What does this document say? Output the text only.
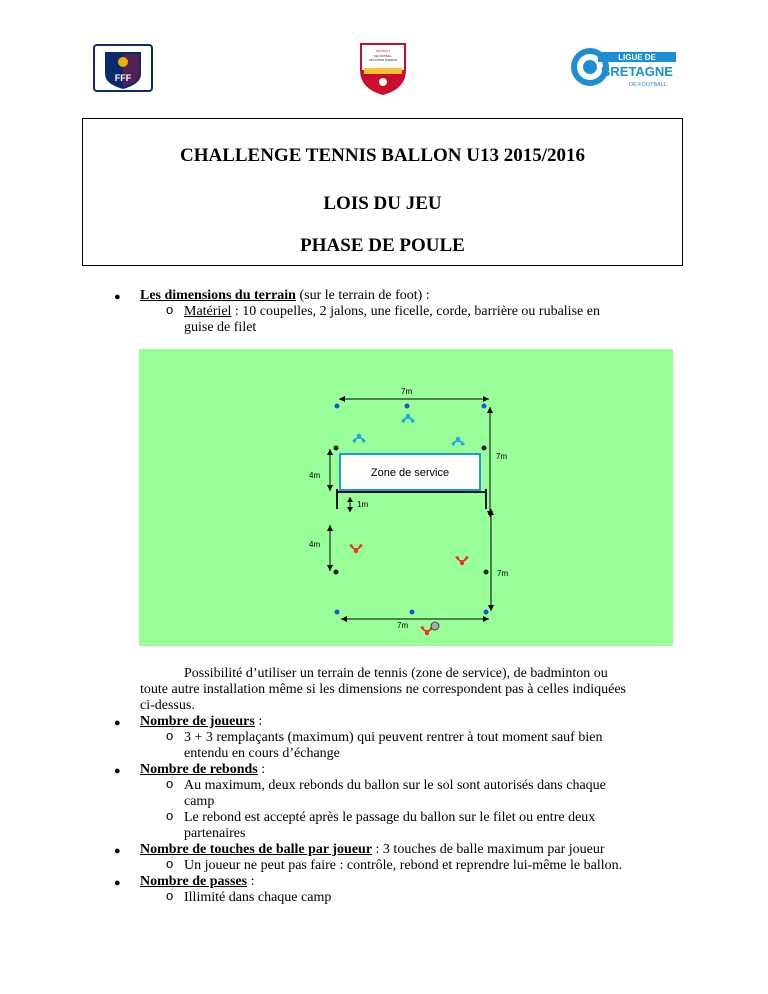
FFF
DISTRICT
DE FOOTBALL
DES CÔTES D'ARMOR	LIGUE DE
BRETAGNE
DE FOOTBALL
CHALLENGE TENNIS BALLON U13 2015/2016
LOIS DU JEU
PHASE DE POULE
● Les dimensions du terrain (sur le terrain de foot) :
o Matériel : 10 coupelles, 2 jalons, une ficelle, corde, barrière ou rubalise en
guise de filet
7m
7m
Zone de service
4m
1m
4m
7m
7m
Possibilité d’utiliser un terrain de tennis (zone de service), de badminton ou
toute autre installation même si les dimensions ne correspondent pas à celles indiquées
ci-dessus.
● Nombre de joueurs :
o 3 + 3 remplaçants (maximum) qui peuvent rentrer à tout moment sauf bien
entendu en cours d’échange
● Nombre de rebonds :
o Au maximum, deux rebonds du ballon sur le sol sont autorisés dans chaque
camp
o Le rebond est accepté après le passage du ballon sur le filet ou entre deux
partenaires
● Nombre de touches de balle par joueur : 3 touches de balle maximum par joueur
o Un joueur ne peut pas faire : contrôle, rebond et reprendre lui-même le ballon.
● Nombre de passes :
o Illimité dans chaque camp
